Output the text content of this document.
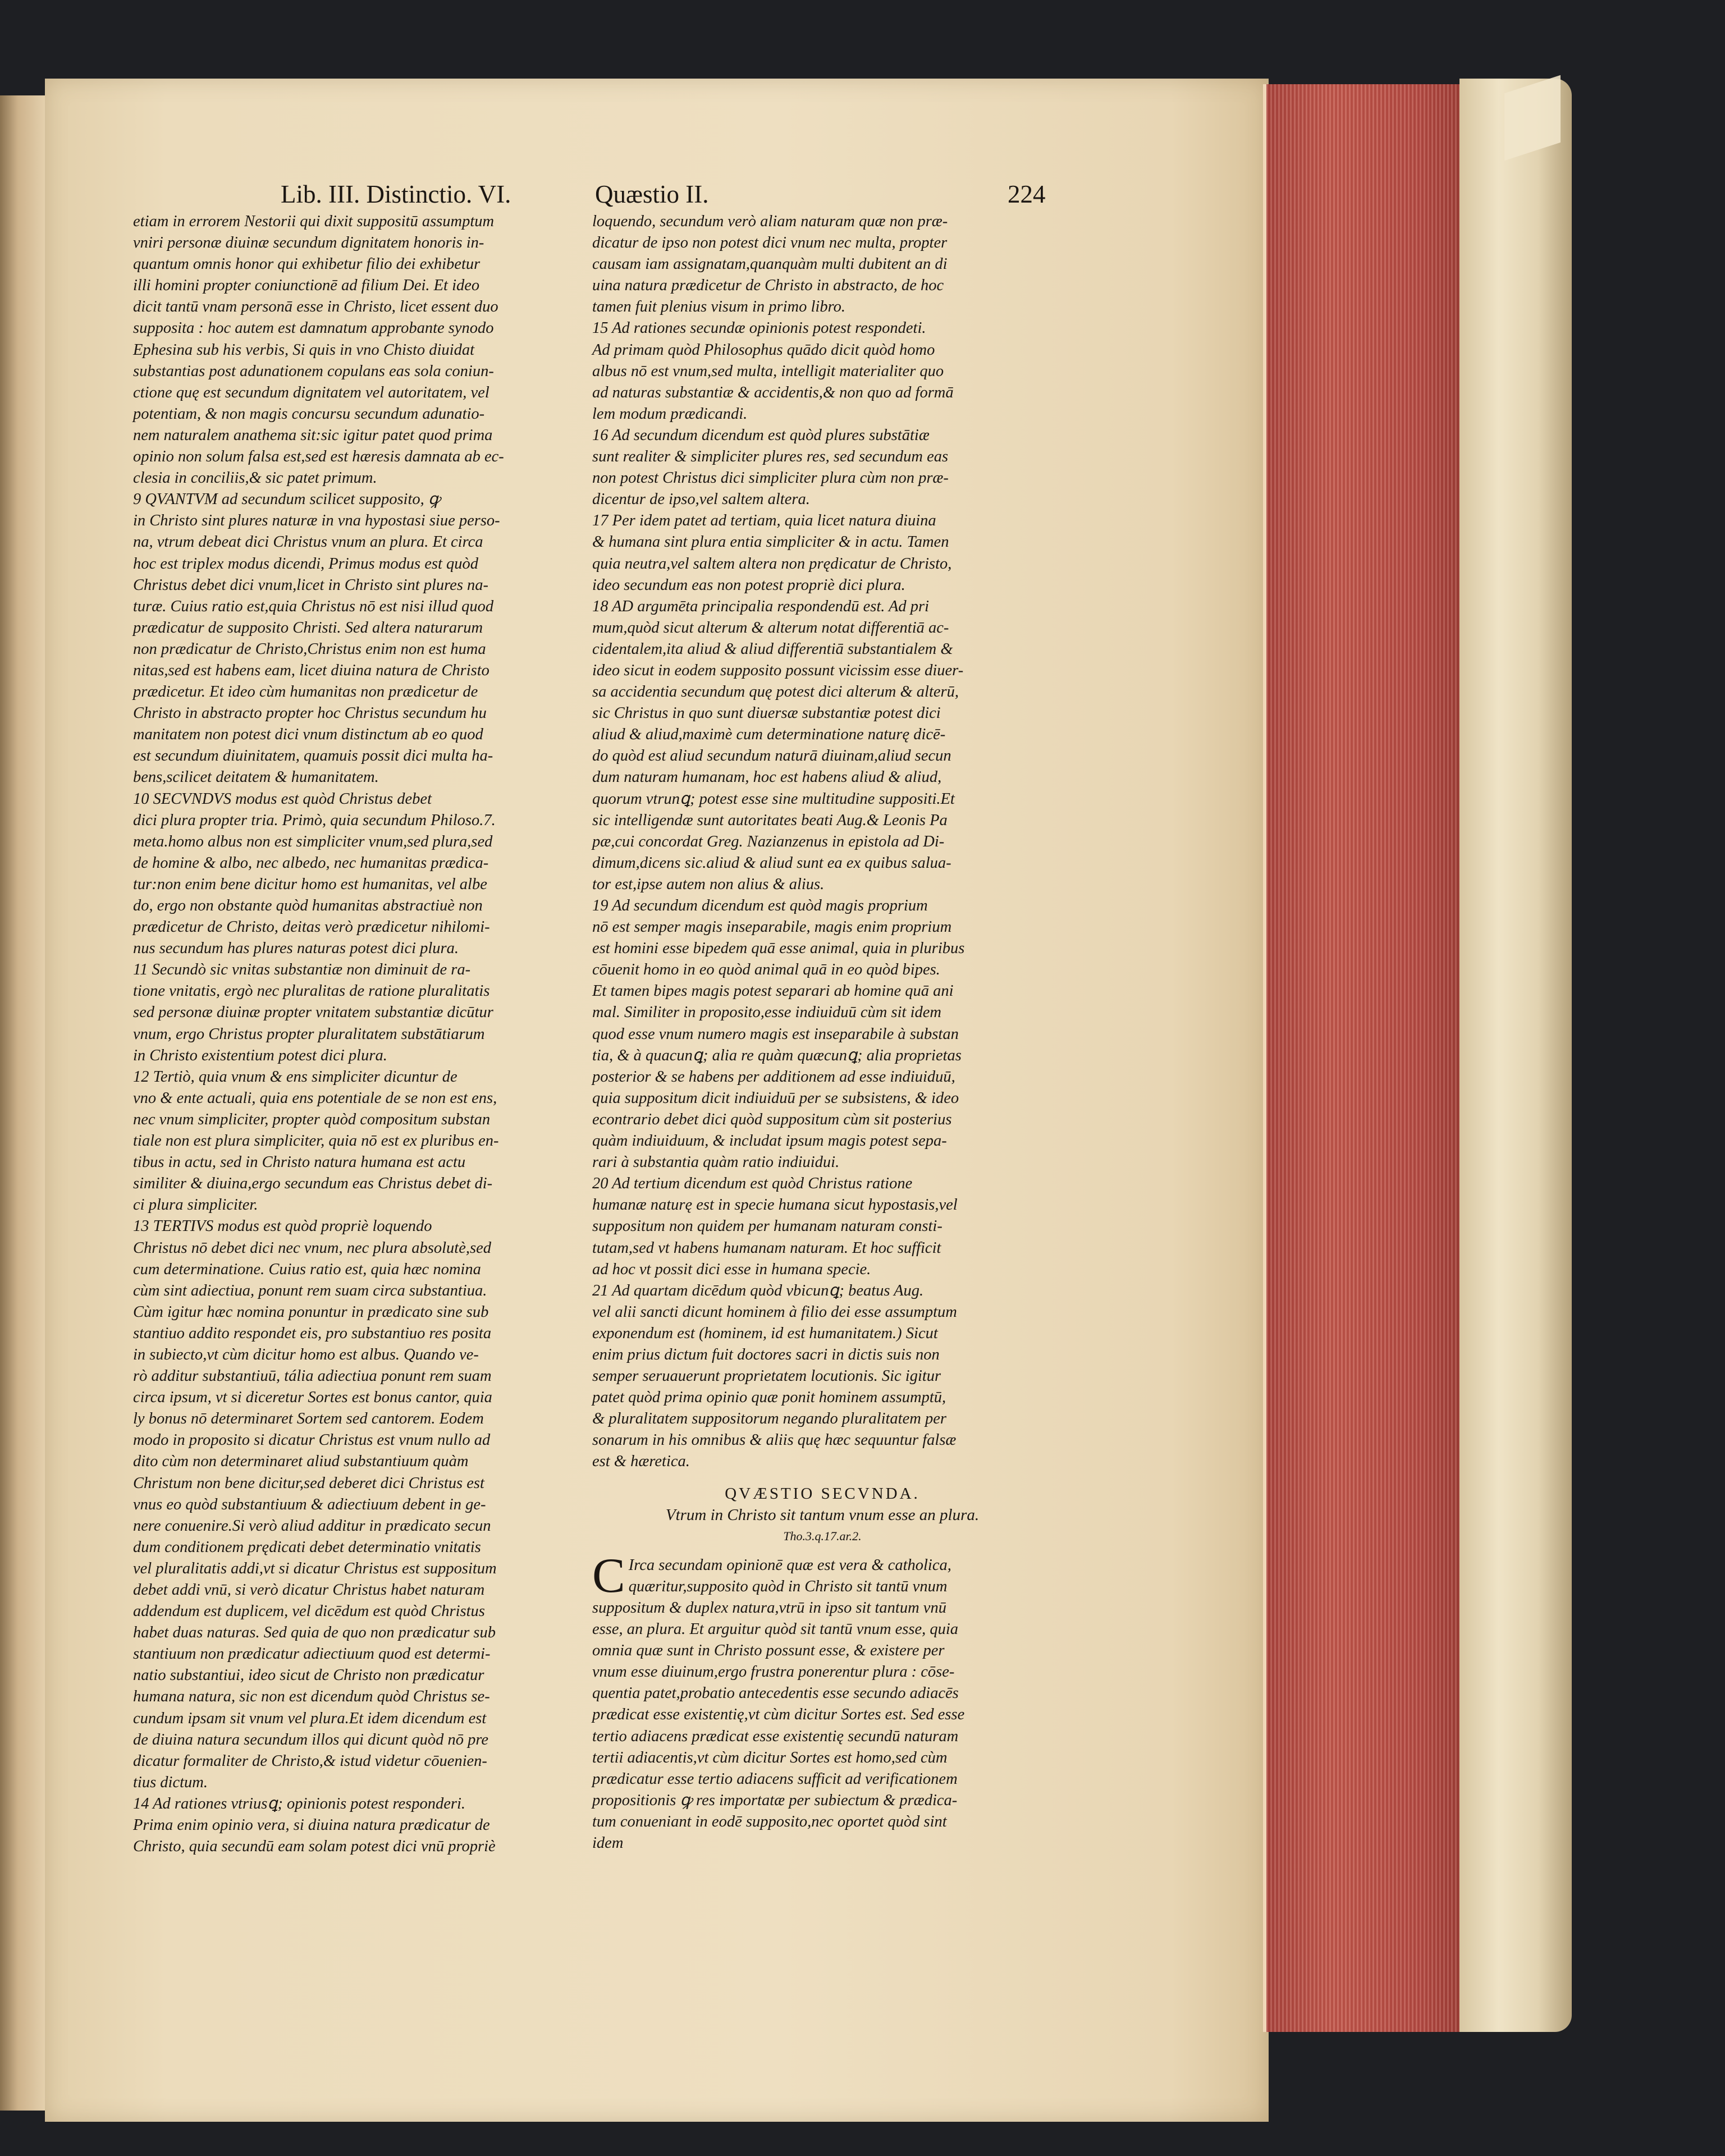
Lib. III. Distinctio. VI.	Quæstio II.	224
etiam in errorem Nestorii qui dixit suppositū assumptum
vniri personæ diuinæ secundum dignitatem honoris in-
quantum omnis honor qui exhibetur filio dei exhibetur
illi homini propter coniunctionē ad filium Dei. Et ideo
dicit tantū vnam personā esse in Christo, licet essent duo
supposita : hoc autem est damnatum approbante synodo
Ephesina sub his verbis, Si quis in vno Chisto diuidat
substantias post adunationem copulans eas sola coniun-
ctione quę est secundum dignitatem vel autoritatem, vel
potentiam, & non magis concursu secundum adunatio-
nem naturalem anathema sit:sic igitur patet quod prima
opinio non solum falsa est,sed est hæresis damnata ab ec-
clesia in conciliis,& sic patet primum.
9 QVANTVM ad secundum scilicet supposito, ꝙ
in Christo sint plures naturæ in vna hypostasi siue perso-
na, vtrum debeat dici Christus vnum an plura. Et circa
hoc est triplex modus dicendi, Primus modus est quòd
Christus debet dici vnum,licet in Christo sint plures na-
turæ. Cuius ratio est,quia Christus nō est nisi illud quod
prædicatur de supposito Christi. Sed altera naturarum
non prædicatur de Christo,Christus enim non est huma
nitas,sed est habens eam, licet diuina natura de Christo
prædicetur. Et ideo cùm humanitas non prædicetur de
Christo in abstracto propter hoc Christus secundum hu
manitatem non potest dici vnum distinctum ab eo quod
est secundum diuinitatem, quamuis possit dici multa ha-
bens,scilicet deitatem & humanitatem.
10 SECVNDVS modus est quòd Christus debet
dici plura propter tria. Primò, quia secundum Philoso.7.
meta.homo albus non est simpliciter vnum,sed plura,sed
de homine & albo, nec albedo, nec humanitas prædica-
tur:non enim bene dicitur homo est humanitas, vel albe
do, ergo non obstante quòd humanitas abstractiuè non
prædicetur de Christo, deitas verò prædicetur nihilomi-
nus secundum has plures naturas potest dici plura.
11 Secundò sic vnitas substantiæ non diminuit de ra-
tione vnitatis, ergò nec pluralitas de ratione pluralitatis
sed personæ diuinæ propter vnitatem substantiæ dicūtur
vnum, ergo Christus propter pluralitatem substātiarum
in Christo existentium potest dici plura.
12 Tertiò, quia vnum & ens simpliciter dicuntur de
vno & ente actuali, quia ens potentiale de se non est ens,
nec vnum simpliciter, propter quòd compositum substan
tiale non est plura simpliciter, quia nō est ex pluribus en-
tibus in actu, sed in Christo natura humana est actu
similiter & diuina,ergo secundum eas Christus debet di-
ci plura simpliciter.
13 TERTIVS modus est quòd propriè loquendo
Christus nō debet dici nec vnum, nec plura absolutè,sed
cum determinatione. Cuius ratio est, quia hæc nomina
cùm sint adiectiua, ponunt rem suam circa substantiua.
Cùm igitur hæc nomina ponuntur in prædicato sine sub
stantiuo addito respondet eis, pro substantiuo res posita
in subiecto,vt cùm dicitur homo est albus. Quando ve-
rò additur substantiuū, tália adiectiua ponunt rem suam
circa ipsum, vt si diceretur Sortes est bonus cantor, quia
ly bonus nō determinaret Sortem sed cantorem. Eodem
modo in proposito si dicatur Christus est vnum nullo ad
dito cùm non determinaret aliud substantiuum quàm
Christum non bene dicitur,sed deberet dici Christus est
vnus eo quòd substantiuum & adiectiuum debent in ge-
nere conuenire.Si verò aliud additur in prædicato secun
dum conditionem prędicati debet determinatio vnitatis
vel pluralitatis addi,vt si dicatur Christus est suppositum
debet addi vnū, si verò dicatur Christus habet naturam
addendum est duplicem, vel dicēdum est quòd Christus
habet duas naturas. Sed quia de quo non prædicatur sub
stantiuum non prædicatur adiectiuum quod est determi-
natio substantiui, ideo sicut de Christo non prædicatur
humana natura, sic non est dicendum quòd Christus se-
cundum ipsam sit vnum vel plura.Et idem dicendum est
de diuina natura secundum illos qui dicunt quòd nō pre
dicatur formaliter de Christo,& istud videtur cōuenien-
tius dictum.
14 Ad rationes vtriusꝗ; opinionis potest responderi.
Prima enim opinio vera, si diuina natura prædicatur de
Christo, quia secundū eam solam potest dici vnū propriè
loquendo, secundum verò aliam naturam quæ non præ-
dicatur de ipso non potest dici vnum nec multa, propter
causam iam assignatam,quanquàm multi dubitent an di
uina natura prædicetur de Christo in abstracto, de hoc
tamen fuit plenius visum in primo libro.
15 Ad rationes secundæ opinionis potest respondeti.
Ad primam quòd Philosophus quādo dicit quòd homo
albus nō est vnum,sed multa, intelligit materialiter quo
ad naturas substantiæ & accidentis,& non quo ad formā
lem modum prædicandi.
16 Ad secundum dicendum est quòd plures substātiæ
sunt realiter & simpliciter plures res, sed secundum eas
non potest Christus dici simpliciter plura cùm non præ-
dicentur de ipso,vel saltem altera.
17 Per idem patet ad tertiam, quia licet natura diuina
& humana sint plura entia simpliciter & in actu. Tamen
quia neutra,vel saltem altera non prędicatur de Christo,
ideo secundum eas non potest propriè dici plura.
18 AD argumēta principalia respondendū est. Ad pri
mum,quòd sicut alterum & alterum notat differentiā ac-
cidentalem,ita aliud & aliud differentiā substantialem &
ideo sicut in eodem supposito possunt vicissim esse diuer-
sa accidentia secundum quę potest dici alterum & alterū,
sic Christus in quo sunt diuersæ substantiæ potest dici
aliud & aliud,maximè cum determinatione naturę dicē-
do quòd est aliud secundum naturā diuinam,aliud secun
dum naturam humanam, hoc est habens aliud & aliud,
quorum vtrunꝗ; potest esse sine multitudine suppositi.Et
sic intelligendæ sunt autoritates beati Aug.& Leonis Pa
pæ,cui concordat Greg. Nazianzenus in epistola ad Di-
dimum,dicens sic.aliud & aliud sunt ea ex quibus salua-
tor est,ipse autem non alius & alius.
19 Ad secundum dicendum est quòd magis proprium
nō est semper magis inseparabile, magis enim proprium
est homini esse bipedem quā esse animal, quia in pluribus
cōuenit homo in eo quòd animal quā in eo quòd bipes.
Et tamen bipes magis potest separari ab homine quā ani
mal. Similiter in proposito,esse indiuiduū cùm sit idem
quod esse vnum numero magis est inseparabile à substan
tia, & à quacunꝗ; alia re quàm quæcunꝗ; alia proprietas
posterior & se habens per additionem ad esse indiuiduū,
quia suppositum dicit indiuiduū per se subsistens, & ideo
econtrario debet dici quòd suppositum cùm sit posterius
quàm indiuiduum, & includat ipsum magis potest sepa-
rari à substantia quàm ratio indiuidui.
20 Ad tertium dicendum est quòd Christus ratione
humanæ naturę est in specie humana sicut hypostasis,vel
suppositum non quidem per humanam naturam consti-
tutam,sed vt habens humanam naturam. Et hoc sufficit
ad hoc vt possit dici esse in humana specie.
21 Ad quartam dicēdum quòd vbicunꝗ; beatus Aug.
vel alii sancti dicunt hominem à filio dei esse assumptum
exponendum est (hominem, id est humanitatem.) Sicut
enim prius dictum fuit doctores sacri in dictis suis non
semper seruauerunt proprietatem locutionis. Sic igitur
patet quòd prima opinio quæ ponit hominem assumptū,
& pluralitatem suppositorum negando pluralitatem per
sonarum in his omnibus & aliis quę hæc sequuntur falsæ
est & hæretica.
QVÆSTIO SECVNDA.
Vtrum in Christo sit tantum vnum esse an plura.
Tho.3.q.17.ar.2.
C Irca secundam opinionē quæ est vera & catholica,
quæritur,supposito quòd in Christo sit tantū vnum
suppositum & duplex natura,vtrū in ipso sit tantum vnū
esse, an plura. Et arguitur quòd sit tantū vnum esse, quia
omnia quæ sunt in Christo possunt esse, & existere per
vnum esse diuinum,ergo frustra ponerentur plura : cōse-
quentia patet,probatio antecedentis esse secundo adiacēs
prædicat esse existentię,vt cùm dicitur Sortes est. Sed esse
tertio adiacens prædicat esse existentię secundū naturam
tertii adiacentis,vt cùm dicitur Sortes est homo,sed cùm
prædicatur esse tertio adiacens sufficit ad verificationem
propositionis ꝙ res importatæ per subiectum & prædica-
tum conueniant in eodē supposito,nec oportet quòd sint
idem
